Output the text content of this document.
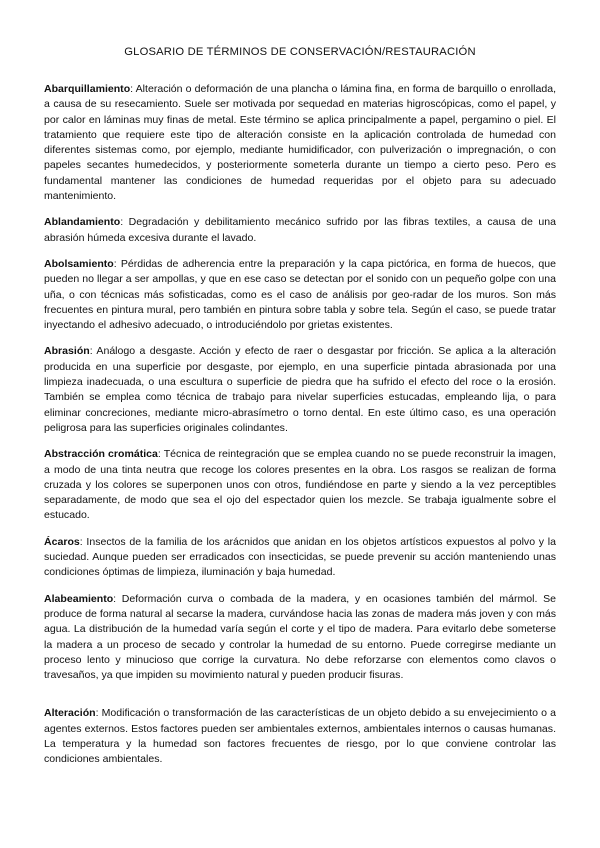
GLOSARIO DE TÉRMINOS DE CONSERVACIÓN/RESTAURACIÓN

Abarquillamiento: Alteración o deformación de una plancha o lámina fina, en forma de barquillo o enrollada, a causa de su resecamiento. Suele ser motivada por sequedad en materias higroscópicas, como el papel, y por calor en láminas muy finas de metal. Este término se aplica principalmente a papel, pergamino o piel. El tratamiento que requiere este tipo de alteración consiste en la aplicación controlada de humedad con diferentes sistemas como, por ejemplo, mediante humidificador, con pulverización o impregnación, o con papeles secantes humedecidos, y posteriormente someterla durante un tiempo a cierto peso. Pero es fundamental mantener las condiciones de humedad requeridas por el objeto para su adecuado mantenimiento.

Ablandamiento: Degradación y debilitamiento mecánico sufrido por las fibras textiles, a causa de una abrasión húmeda excesiva durante el lavado.

Abolsamiento: Pérdidas de adherencia entre la preparación y la capa pictórica, en forma de huecos, que pueden no llegar a ser ampollas, y que en ese caso se detectan por el sonido con un pequeño golpe con una uña, o con técnicas más sofisticadas, como es el caso de análisis por geo-radar de los muros. Son más frecuentes en pintura mural, pero también en pintura sobre tabla y sobre tela. Según el caso, se puede tratar inyectando el adhesivo adecuado, o introduciéndolo por grietas existentes.

Abrasión: Análogo a desgaste. Acción y efecto de raer o desgastar por fricción. Se aplica a la alteración producida en una superficie por desgaste, por ejemplo, en una superficie pintada abrasionada por una limpieza inadecuada, o una escultura o superficie de piedra que ha sufrido el efecto del roce o la erosión. También se emplea como técnica de trabajo para nivelar superficies estucadas, empleando lija, o para eliminar concreciones, mediante micro-abrasímetro o torno dental. En este último caso, es una operación peligrosa para las superficies originales colindantes.

Abstracción cromática: Técnica de reintegración que se emplea cuando no se puede reconstruir la imagen, a modo de una tinta neutra que recoge los colores presentes en la obra. Los rasgos se realizan de forma cruzada y los colores se superponen unos con otros, fundiéndose en parte y siendo a la vez perceptibles separadamente, de modo que sea el ojo del espectador quien los mezcle. Se trabaja igualmente sobre el estucado.

Ácaros: Insectos de la familia de los arácnidos que anidan en los objetos artísticos expuestos al polvo y la suciedad. Aunque pueden ser erradicados con insecticidas, se puede prevenir su acción manteniendo unas condiciones óptimas de limpieza, iluminación y baja humedad.

Alabeamiento: Deformación curva o combada de la madera, y en ocasiones también del mármol. Se produce de forma natural al secarse la madera, curvándose hacia las zonas de madera más joven y con más agua. La distribución de la humedad varía según el corte y el tipo de madera. Para evitarlo debe someterse la madera a un proceso de secado y controlar la humedad de su entorno. Puede corregirse mediante un proceso lento y minucioso que corrige la curvatura. No debe reforzarse con elementos como clavos o travesaños, ya que impiden su movimiento natural y pueden producir fisuras.

Alteración: Modificación o transformación de las características de un objeto debido a su envejecimiento o a agentes externos. Estos factores pueden ser ambientales externos, ambientales internos o causas humanas. La temperatura y la humedad son factores frecuentes de riesgo, por lo que conviene controlar las condiciones ambientales.
